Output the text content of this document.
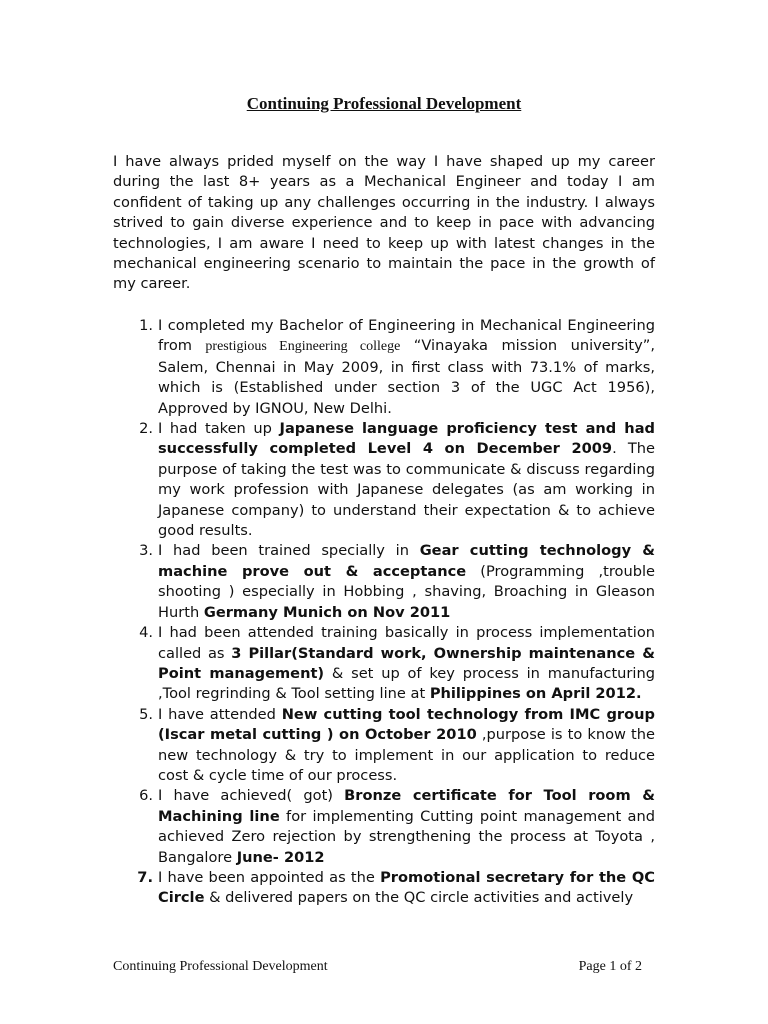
Continuing Professional Development

I have always prided myself on the way I have shaped up my career during the last 8+ years as a Mechanical Engineer and today I am confident of taking up any challenges occurring in the industry. I always strived to gain diverse experience and to keep in pace with advancing technologies, I am aware I need to keep up with latest changes in the mechanical engineering scenario to maintain the pace in the growth of my career.

1. I completed my Bachelor of Engineering in Mechanical Engineering from prestigious Engineering college “Vinayaka mission university”, Salem, Chennai in May 2009, in first class with 73.1% of marks, which is (Established under section 3 of the UGC Act 1956), Approved by IGNOU, New Delhi.
2. I had taken up Japanese language proficiency test and had successfully completed Level 4 on December 2009. The purpose of taking the test was to communicate & discuss regarding my work profession with Japanese delegates (as am working in Japanese company) to understand their expectation & to achieve good results.
3. I had been trained specially in Gear cutting technology & machine prove out & acceptance (Programming ,trouble shooting ) especially in Hobbing , shaving, Broaching in Gleason Hurth Germany Munich on Nov 2011
4. I had been attended training basically in process implementation called as 3 Pillar(Standard work, Ownership maintenance & Point management) & set up of key process in manufacturing ,Tool regrinding & Tool setting line at Philippines on April 2012.
5. I have attended New cutting tool technology from IMC group (Iscar metal cutting ) on October 2010 ,purpose is to know the new technology & try to implement in our application to reduce cost & cycle time of our process.
6. I have achieved( got) Bronze certificate for Tool room & Machining line for implementing Cutting point management and achieved Zero rejection by strengthening the process at Toyota , Bangalore June- 2012
7. I have been appointed as the Promotional secretary for the QC Circle & delivered papers on the QC circle activities and actively
Continuing Professional Development	Page 1 of 2
